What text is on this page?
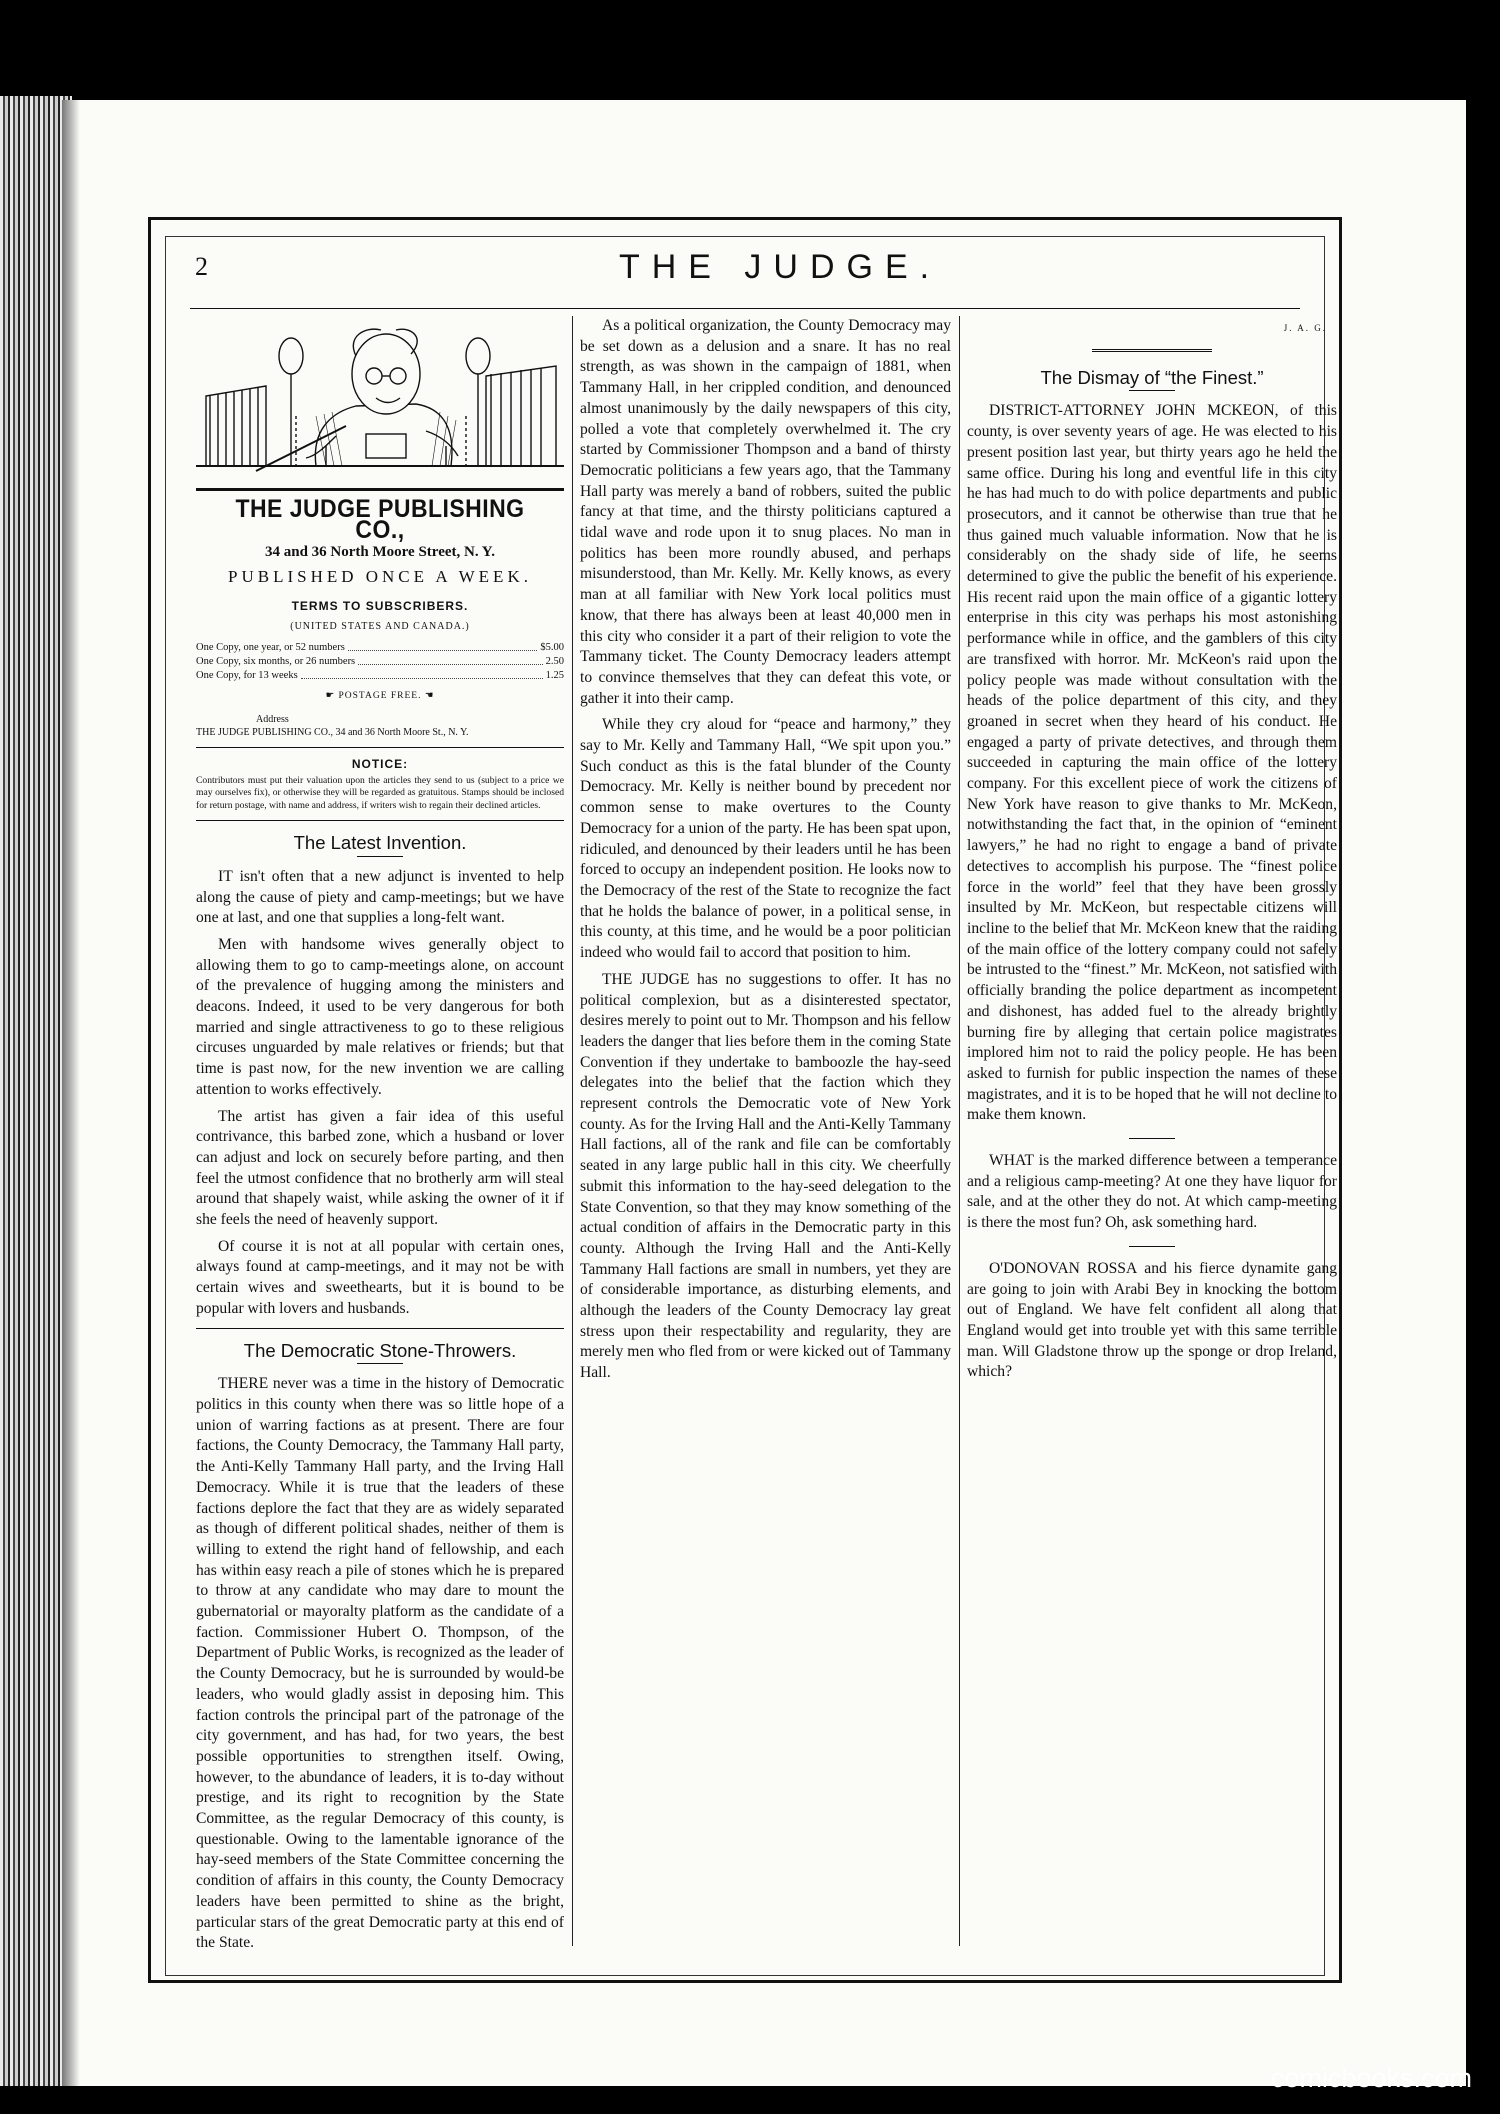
2	THE JUDGE.
THE JUDGE PUBLISHING CO.,
34 and 36 North Moore Street, N. Y.
PUBLISHED ONCE A WEEK.
TERMS TO SUBSCRIBERS.
(UNITED STATES AND CANADA.)
One Copy, one year, or 52 numbers	$5.00
One Copy, six months, or 26 numbers	2.50
One Copy, for 13 weeks	1.25
☛ POSTAGE FREE. ☚
Address
THE JUDGE PUBLISHING CO., 34 and 36 North Moore St., N. Y.
NOTICE:
Contributors must put their valuation upon the articles they send to us (subject to a price we may ourselves fix), or otherwise they will be regarded as gratuitous. Stamps should be inclosed for return postage, with name and address, if writers wish to regain their declined articles.
The Latest Invention.

IT isn't often that a new adjunct is invented to help along the cause of piety and camp-meetings; but we have one at last, and one that supplies a long-felt want.

Men with handsome wives generally object to allowing them to go to camp-meetings alone, on account of the prevalence of hugging among the ministers and deacons. Indeed, it used to be very dangerous for both married and single attractiveness to go to these religious circuses unguarded by male relatives or friends; but that time is past now, for the new invention we are calling attention to works effectively.

The artist has given a fair idea of this useful contrivance, this barbed zone, which a husband or lover can adjust and lock on securely before parting, and then feel the utmost confidence that no brotherly arm will steal around that shapely waist, while asking the owner of it if she feels the need of heavenly support.

Of course it is not at all popular with certain ones, always found at camp-meetings, and it may not be with certain wives and sweethearts, but it is bound to be popular with lovers and husbands.

The Democratic Stone-Throwers.

THERE never was a time in the history of Democratic politics in this county when there was so little hope of a union of warring factions as at present. There are four factions, the County Democracy, the Tammany Hall party, the Anti-Kelly Tammany Hall party, and the Irving Hall Democracy. While it is true that the leaders of these factions deplore the fact that they are as widely separated as though of different political shades, neither of them is willing to extend the right hand of fellowship, and each has within easy reach a pile of stones which he is prepared to throw at any candidate who may dare to mount the gubernatorial or mayoralty platform as the candidate of a faction. Commissioner Hubert O. Thompson, of the Department of Public Works, is recognized as the leader of the County Democracy, but he is surrounded by would-be leaders, who would gladly assist in deposing him. This faction controls the principal part of the patronage of the city government, and has had, for two years, the best possible opportunities to strengthen itself. Owing, however, to the abundance of leaders, it is to-day without prestige, and its right to recognition by the State Committee, as the regular Democracy of this county, is questionable. Owing to the lamentable ignorance of the hay-seed members of the State Committee concerning the condition of affairs in this county, the County Democracy leaders have been permitted to shine as the bright, particular stars of the great Democratic party at this end of the State.

As a political organization, the County Democracy may be set down as a delusion and a snare. It has no real strength, as was shown in the campaign of 1881, when Tammany Hall, in her crippled condition, and denounced almost unanimously by the daily newspapers of this city, polled a vote that completely overwhelmed it. The cry started by Commissioner Thompson and a band of thirsty Democratic politicians a few years ago, that the Tammany Hall party was merely a band of robbers, suited the public fancy at that time, and the thirsty politicians captured a tidal wave and rode upon it to snug places. No man in politics has been more roundly abused, and perhaps misunderstood, than Mr. Kelly. Mr. Kelly knows, as every man at all familiar with New York local politics must know, that there has always been at least 40,000 men in this city who consider it a part of their religion to vote the Tammany ticket. The County Democracy leaders attempt to convince themselves that they can defeat this vote, or gather it into their camp.

While they cry aloud for “peace and harmony,” they say to Mr. Kelly and Tammany Hall, “We spit upon you.” Such conduct as this is the fatal blunder of the County Democracy. Mr. Kelly is neither bound by precedent nor common sense to make overtures to the County Democracy for a union of the party. He has been spat upon, ridiculed, and denounced by their leaders until he has been forced to occupy an independent position. He looks now to the Democracy of the rest of the State to recognize the fact that he holds the balance of power, in a political sense, in this county, at this time, and he would be a poor politician indeed who would fail to accord that position to him.

THE JUDGE has no suggestions to offer. It has no political complexion, but as a disinterested spectator, desires merely to point out to Mr. Thompson and his fellow leaders the danger that lies before them in the coming State Convention if they undertake to bamboozle the hay-seed delegates into the belief that the faction which they represent controls the Democratic vote of New York county. As for the Irving Hall and the Anti-Kelly Tammany Hall factions, all of the rank and file can be comfortably seated in any large public hall in this city. We cheerfully submit this information to the hay-seed delegation to the State Convention, so that they may know something of the actual condition of affairs in the Democratic party in this county. Although the Irving Hall and the Anti-Kelly Tammany Hall factions are small in numbers, yet they are of considerable importance, as disturbing elements, and although the leaders of the County Democracy lay great stress upon their respectability and regularity, they are merely men who fled from or were kicked out of Tammany Hall.

J. A. G.
The Dismay of “the Finest.”

DISTRICT-ATTORNEY JOHN MCKEON, of this county, is over seventy years of age. He was elected to his present position last year, but thirty years ago he held the same office. During his long and eventful life in this city he has had much to do with police departments and public prosecutors, and it cannot be otherwise than true that he thus gained much valuable information. Now that he is considerably on the shady side of life, he seems determined to give the public the benefit of his experience. His recent raid upon the main office of a gigantic lottery enterprise in this city was perhaps his most astonishing performance while in office, and the gamblers of this city are transfixed with horror. Mr. McKeon's raid upon the policy people was made without consultation with the heads of the police department of this city, and they groaned in secret when they heard of his conduct. He engaged a party of private detectives, and through them succeeded in capturing the main office of the lottery company. For this excellent piece of work the citizens of New York have reason to give thanks to Mr. McKeon, notwithstanding the fact that, in the opinion of “eminent lawyers,” he had no right to engage a band of private detectives to accomplish his purpose. The “finest police force in the world” feel that they have been grossly insulted by Mr. McKeon, but respectable citizens will incline to the belief that Mr. McKeon knew that the raiding of the main office of the lottery company could not safely be intrusted to the “finest.” Mr. McKeon, not satisfied with officially branding the police department as incompetent and dishonest, has added fuel to the already brightly burning fire by alleging that certain police magistrates implored him not to raid the policy people. He has been asked to furnish for public inspection the names of these magistrates, and it is to be hoped that he will not decline to make them known.

WHAT is the marked difference between a temperance and a religious camp-meeting? At one they have liquor for sale, and at the other they do not. At which camp-meeting is there the most fun? Oh, ask something hard.

O'DONOVAN ROSSA and his fierce dynamite gang are going to join with Arabi Bey in knocking the bottom out of England. We have felt confident all along that England would get into trouble yet with this same terrible man. Will Gladstone throw up the sponge or drop Ireland, which?

comicbooks.com
